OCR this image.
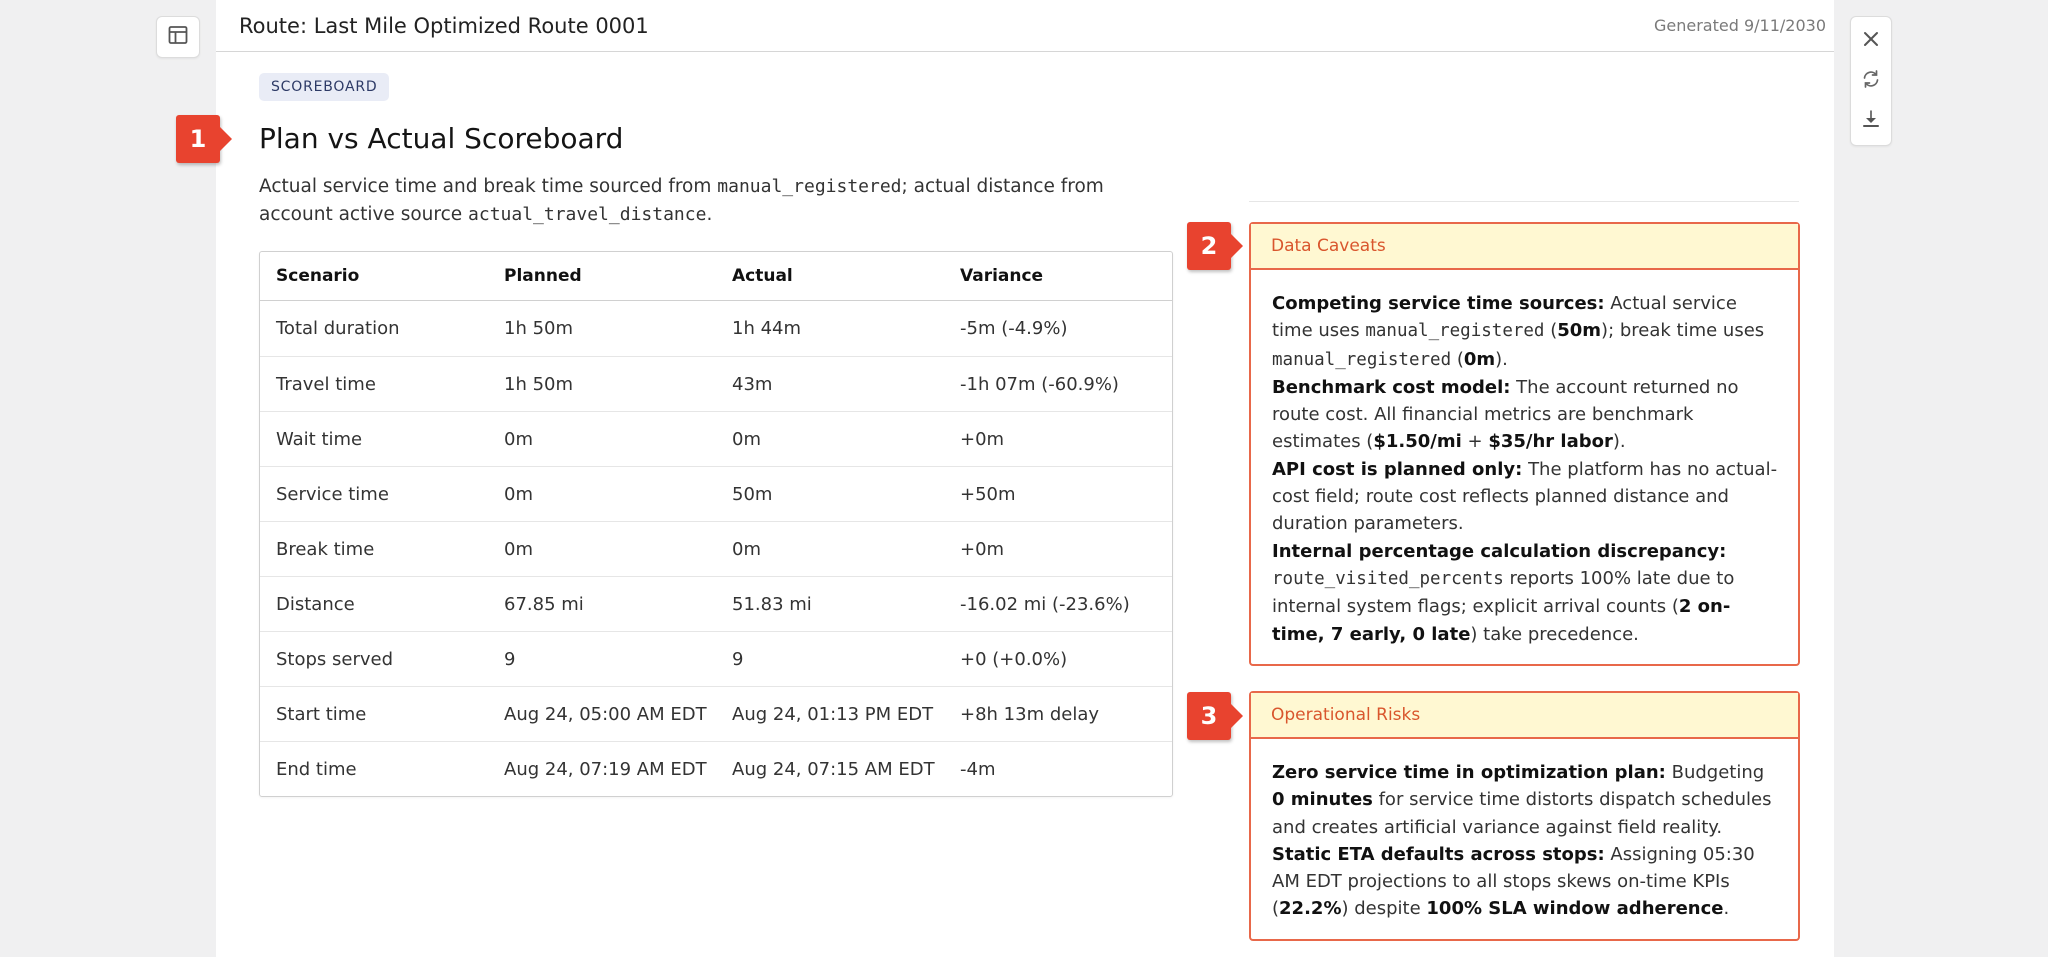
Route: Last Mile Optimized Route 0001	Generated 9/11/2030
SCOREBOARD
Plan vs Actual Scoreboard
Actual service time and break time sourced from manual_registered; actual distance from account active source actual_travel_distance.
Scenario	Planned	Actual	Variance
Total duration	1h 50m	1h 44m	-5m (-4.9%)
Travel time	1h 50m	43m	-1h 07m (-60.9%)
Wait time	0m	0m	+0m
Service time	0m	50m	+50m
Break time	0m	0m	+0m
Distance	67.85 mi	51.83 mi	-16.02 mi (-23.6%)
Stops served	9	9	+0 (+0.0%)
Start time	Aug 24, 05:00 AM EDT	Aug 24, 01:13 PM EDT	+8h 13m delay
End time	Aug 24, 07:19 AM EDT	Aug 24, 07:15 AM EDT	-4m
Data Caveats

Competing service time sources: Actual service time uses manual_registered (50m); break time uses manual_registered (0m).

Benchmark cost model: The account returned no route cost. All financial metrics are benchmark estimates ($1.50/mi + $35/hr labor).

API cost is planned only: The platform has no actual-cost field; route cost reflects planned distance and duration parameters.

Internal percentage calculation discrepancy:
route_visited_percents reports 100% late due to internal system flags; explicit arrival counts (2 on-time, 7 early, 0 late) take precedence.

Operational Risks

Zero service time in optimization plan: Budgeting 0 minutes for service time distorts dispatch schedules and creates artificial variance against field reality.

Static ETA defaults across stops: Assigning 05:30 AM EDT projections to all stops skews on-time KPIs (22.2%) despite 100% SLA window adherence.

1
2
3
